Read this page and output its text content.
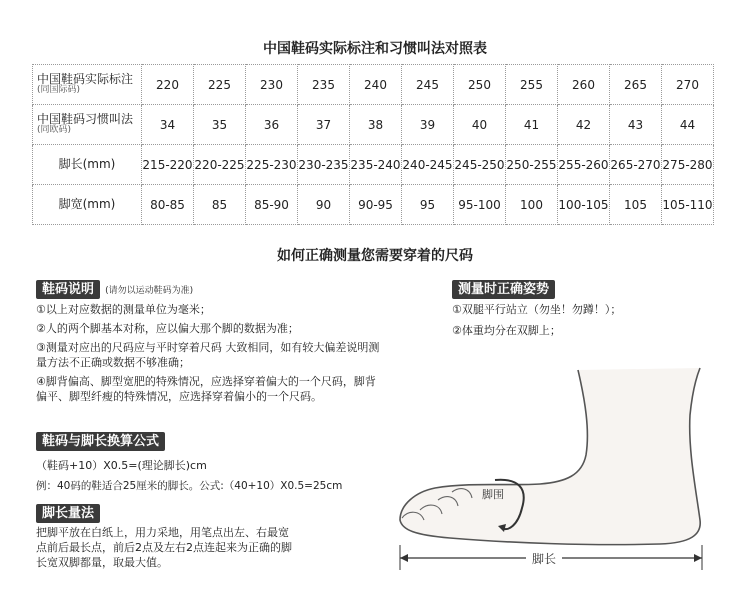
中国鞋码实际标注和习惯叫法对照表
中国鞋码实际标注
(同国际码)	220	225	230	235	240	245	250	255	260	265	270

中国鞋码习惯叫法
(同欧码)	34	35	36	37	38	39	40	41	42	43	44

脚长(mm)	215-220	220-225	225-230	230-235	235-240	240-245	245-250	250-255	255-260	265-270	275-280

脚宽(mm)	80-85	85	85-90	90	90-95	95	95-100	100	100-105	105	105-110
如何正确测量您需要穿着的尺码
鞋码说明 (请勿以运动鞋码为准)
①以上对应数据的测量单位为毫米；
②人的两个脚基本对称，应以偏大那个脚的数据为准；
③测量对应出的尺码应与平时穿着尺码 大致相同，如有较大偏差说明测量方法不正确或数据不够准确；
④脚背偏高、脚型宽肥的特殊情况，应选择穿着偏大的一个尺码，脚背偏平、脚型纤瘦的特殊情况，应选择穿着偏小的一个尺码。
鞋码与脚长换算公式
（鞋码+10）X0.5=(理论脚长)cm
例：40码的鞋适合25厘米的脚长。公式:（40+10）X0.5=25cm
脚长量法
把脚平放在白纸上，用力采地，用笔点出左、右最宽点前后最长点，前后2点及左右2点连起来为正确的脚长宽双脚都量，取最大值。
测量时正确姿势
①双腿平行站立（勿坐！勿蹲！）；
②体重均分在双脚上；
脚围
脚长
